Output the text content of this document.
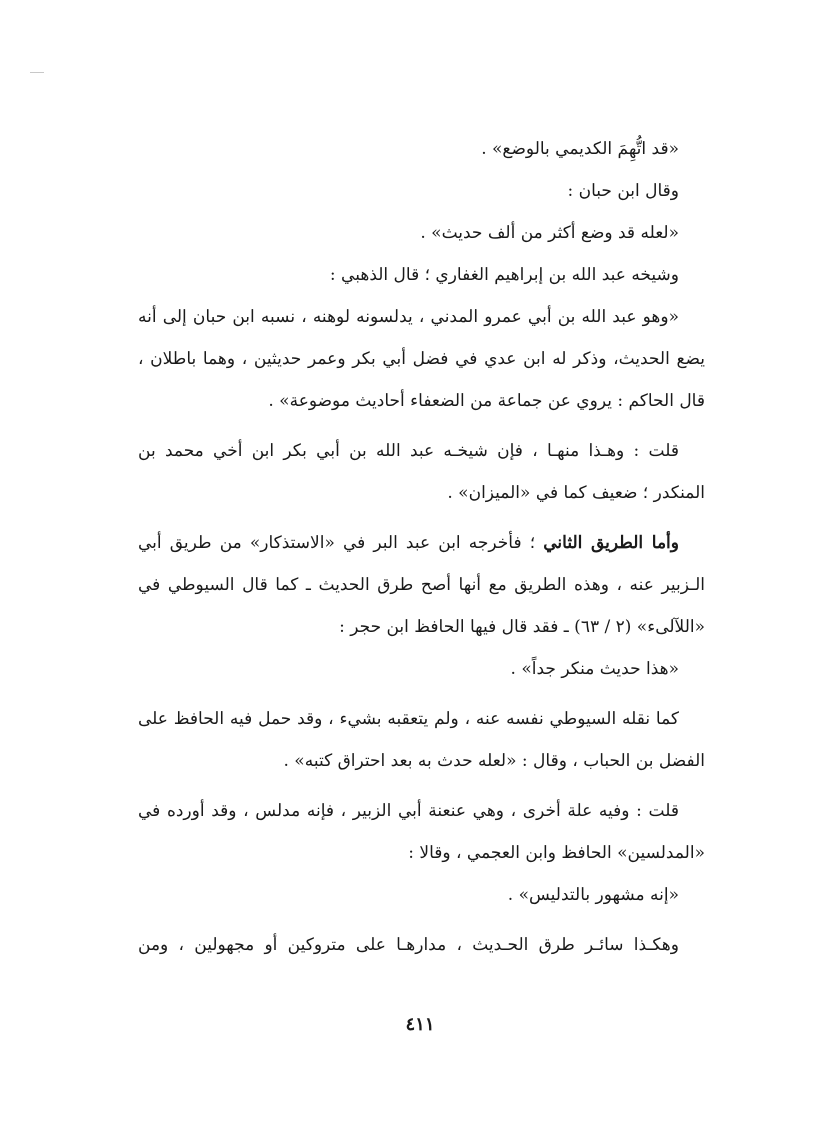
«قد اتُّهِمَ الكديمي بالوضع» .
وقال ابن حبان :
«لعله قد وضع أكثر من ألف حديث» .
وشيخه عبد الله بن إبراهيم الغفاري ؛ قال الذهبي :
«وهو عبد الله بن أبي عمرو المدني ، يدلسونه لوهنه ، نسبه ابن حبان إلى أنه
يضع الحديث، وذكر له ابن عدي في فضل أبي بكر وعمر حديثين ، وهما باطلان ،
قال الحاكم : يروي عن جماعة من الضعفاء أحاديث موضوعة» .
قلت : وهـذا منهـا ، فإن شيخـه عبد الله بن أبي بكر ابن أخي محمد بن
المنكدر ؛ ضعيف كما في «الميزان» .
وأما الطريق الثاني ؛ فأخرجه ابن عبد البر في «الاستذكار» من طريق أبي
الـزبير عنه ، وهذه الطريق مع أنها أصح طرق الحديث ـ كما قال السيوطي في
«اللآلىء» (٢ / ٦٣) ـ فقد قال فيها الحافظ ابن حجر :
«هذا حديث منكر جداً» .
كما نقله السيوطي نفسه عنه ، ولم يتعقبه بشيء ، وقد حمل فيه الحافظ على
الفضل بن الحباب ، وقال : «لعله حدث به بعد احتراق كتبه» .
قلت : وفيه علة أخرى ، وهي عنعنة أبي الزبير ، فإنه مدلس ، وقد أورده في
«المدلسين» الحافظ وابن العجمي ، وقالا :
«إنه مشهور بالتدليس» .
وهكـذا سائـر طرق الحـديث ، مدارهـا على متروكين أو مجهولين ، ومن
٤١١
